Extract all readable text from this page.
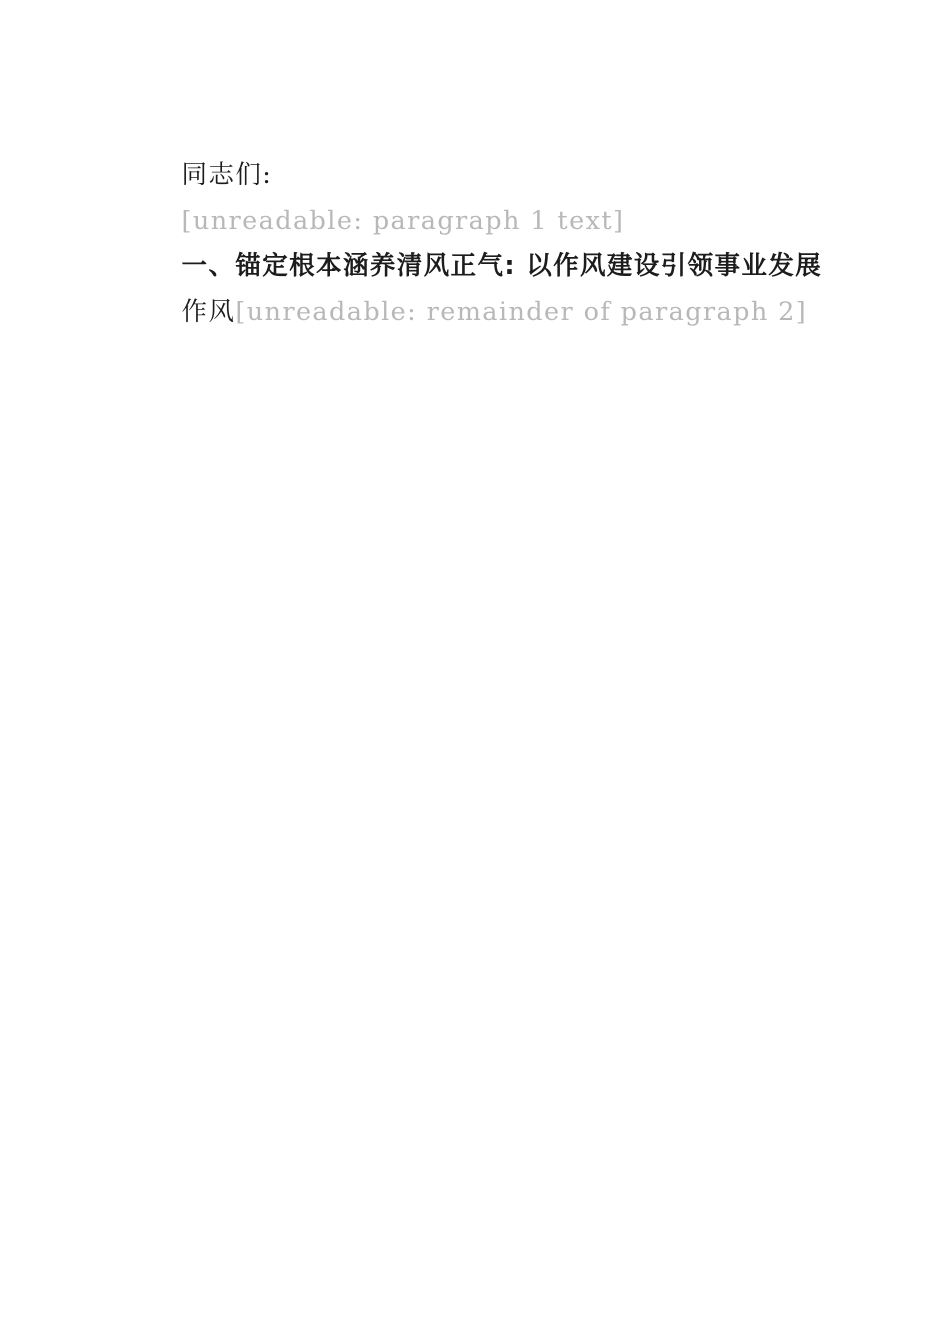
同志们:

[unreadable: paragraph 1 text]

一、锚定根本涵养清风正气: 以作风建设引领事业发展

作风[unreadable: remainder of paragraph 2]
